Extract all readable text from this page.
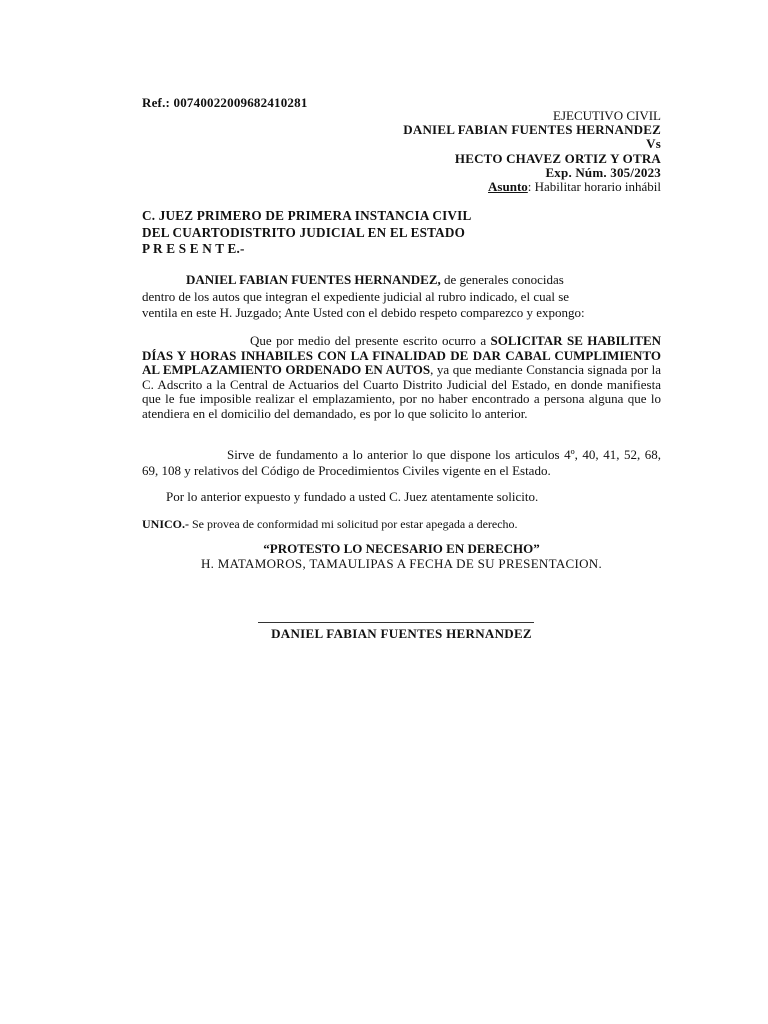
Ref.: 00740022009682410281
EJECUTIVO CIVIL
DANIEL FABIAN FUENTES HERNANDEZ
Vs
HECTO CHAVEZ ORTIZ Y OTRA
Exp. Núm. 305/2023
Asunto: Habilitar horario inhábil
C. JUEZ PRIMERO DE PRIMERA INSTANCIA CIVIL
DEL CUARTODISTRITO JUDICIAL EN EL ESTADO
P R E S E N T E.-
DANIEL FABIAN FUENTES HERNANDEZ, de generales conocidas
dentro de los autos que integran el expediente judicial al rubro indicado, el cual se
ventila en este H. Juzgado; Ante Usted con el debido respeto comparezco y expongo:
Que por medio del presente escrito ocurro a SOLICITAR SE HABILITEN DÍAS Y HORAS INHABILES CON LA FINALIDAD DE DAR CABAL CUMPLIMIENTO AL EMPLAZAMIENTO ORDENADO EN AUTOS, ya que mediante Constancia signada por la C. Adscrito a la Central de Actuarios del Cuarto Distrito Judicial del Estado, en donde manifiesta que le fue imposible realizar el emplazamiento, por no haber encontrado a persona alguna que lo atendiera en el domicilio del demandado, es por lo que solicito lo anterior.
Sirve de fundamento a lo anterior lo que dispone los articulos 4º, 40, 41, 52, 68, 69, 108 y relativos del Código de Procedimientos Civiles vigente en el Estado.
Por lo anterior expuesto y fundado a usted C. Juez atentamente solicito.
UNICO.- Se provea de conformidad mi solicitud por estar apegada a derecho.
“PROTESTO LO NECESARIO EN DERECHO”
H. MATAMOROS, TAMAULIPAS A FECHA DE SU PRESENTACION.
DANIEL FABIAN FUENTES HERNANDEZ
